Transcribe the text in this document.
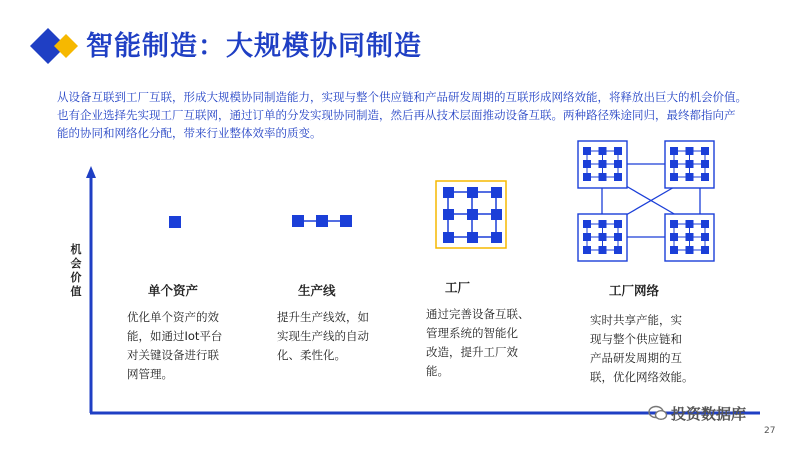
智能制造：大规模协同制造

从设备互联到工厂互联，形成大规模协同制造能力，实现与整个供应链和产品研发周期的互联形成网络效能，将释放出巨大的机会价值。

也有企业选择先实现工厂互联网，通过订单的分发实现协同制造，然后再从技术层面推动设备互联。两种路径殊途同归，最终都指向产

能的协同和网络化分配，带来行业整体效率的质变。

机会价值	单个资产

优化单个资产的效

能，如通过Iot平台

对关键设备进行联

网管理。

生产线

提升生产线效，如

实现生产线的自动

化、柔性化。

工厂

通过完善设备互联、

管理系统的智能化

改造，提升工厂效

能。

工厂网络

实时共享产能，实

现与整个供应链和

产品研发周期的互

联，优化网络效能。

投资数据库
27
